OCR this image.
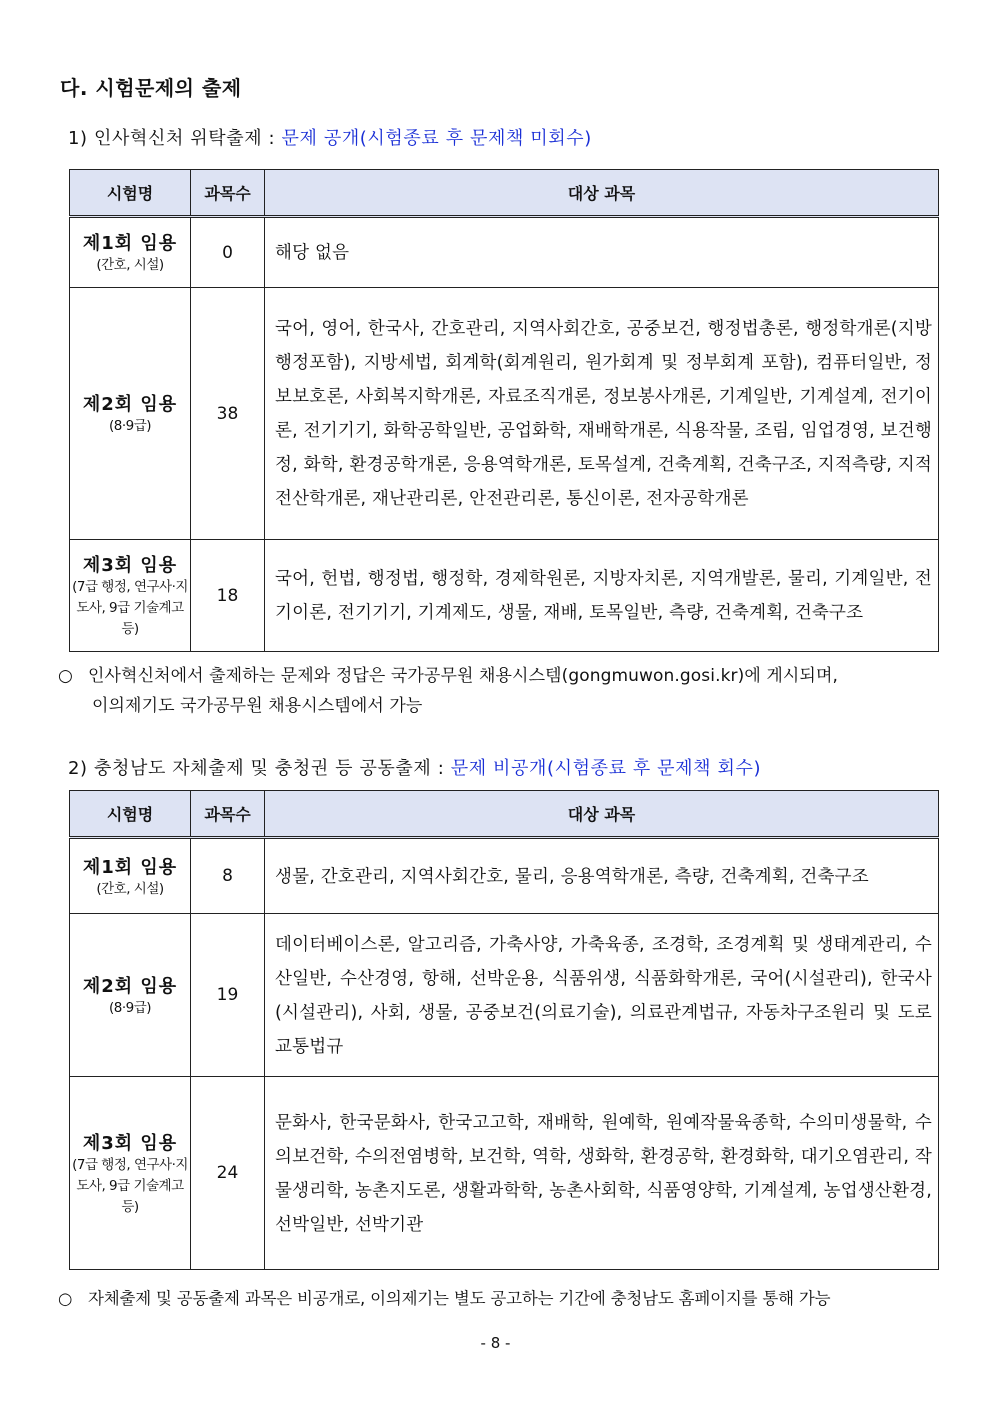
다. 시험문제의 출제
1) 인사혁신처 위탁출제 : 문제 공개(시험종료 후 문제책 미회수)
시험명	과목수	대상 과목

제1회 임용
(간호, 시설)	0	해당 없음

제2회 임용
(8·9급)	38	국어, 영어, 한국사, 간호관리, 지역사회간호, 공중보건, 행정법총론, 행정학개론(지방행정포함), 지방세법, 회계학(회계원리, 원가회계 및 정부회계 포함), 컴퓨터일반, 정보보호론, 사회복지학개론, 자료조직개론, 정보봉사개론, 기계일반, 기계설계, 전기이론, 전기기기, 화학공학일반, 공업화학, 재배학개론, 식용작물, 조림, 임업경영, 보건행정, 화학, 환경공학개론, 응용역학개론, 토목설계, 건축계획, 건축구조, 지적측량, 지적전산학개론, 재난관리론, 안전관리론, 통신이론, 전자공학개론

제3회 임용
(7급 행정, 연구사·지도사, 9급 기술계고 등)	18	국어, 헌법, 행정법, 행정학, 경제학원론, 지방자치론, 지역개발론, 물리, 기계일반, 전기이론, 전기기기, 기계제도, 생물, 재배, 토목일반, 측량, 건축계획, 건축구조
○ 인사혁신처에서 출제하는 문제와 정답은 국가공무원 채용시스템(gongmuwon.gosi.kr)에 게시되며,
이의제기도 국가공무원 채용시스템에서 가능
2) 충청남도 자체출제 및 충청권 등 공동출제 : 문제 비공개(시험종료 후 문제책 회수)
시험명	과목수	대상 과목

제1회 임용
(간호, 시설)	8	생물, 간호관리, 지역사회간호, 물리, 응용역학개론, 측량, 건축계획, 건축구조

제2회 임용
(8·9급)	19	데이터베이스론, 알고리즘, 가축사양, 가축육종, 조경학, 조경계획 및 생태계관리, 수산일반, 수산경영, 항해, 선박운용, 식품위생, 식품화학개론, 국어(시설관리), 한국사(시설관리), 사회, 생물, 공중보건(의료기술), 의료관계법규, 자동차구조원리 및 도로교통법규

제3회 임용
(7급 행정, 연구사·지도사, 9급 기술계고 등)	24	문화사, 한국문화사, 한국고고학, 재배학, 원예학, 원예작물육종학, 수의미생물학, 수의보건학, 수의전염병학, 보건학, 역학, 생화학, 환경공학, 환경화학, 대기오염관리, 작물생리학, 농촌지도론, 생활과학학, 농촌사회학, 식품영양학, 기계설계, 농업생산환경, 선박일반, 선박기관
○ 자체출제 및 공동출제 과목은 비공개로, 이의제기는 별도 공고하는 기간에 충청남도 홈페이지를 통해 가능
- 8 -
